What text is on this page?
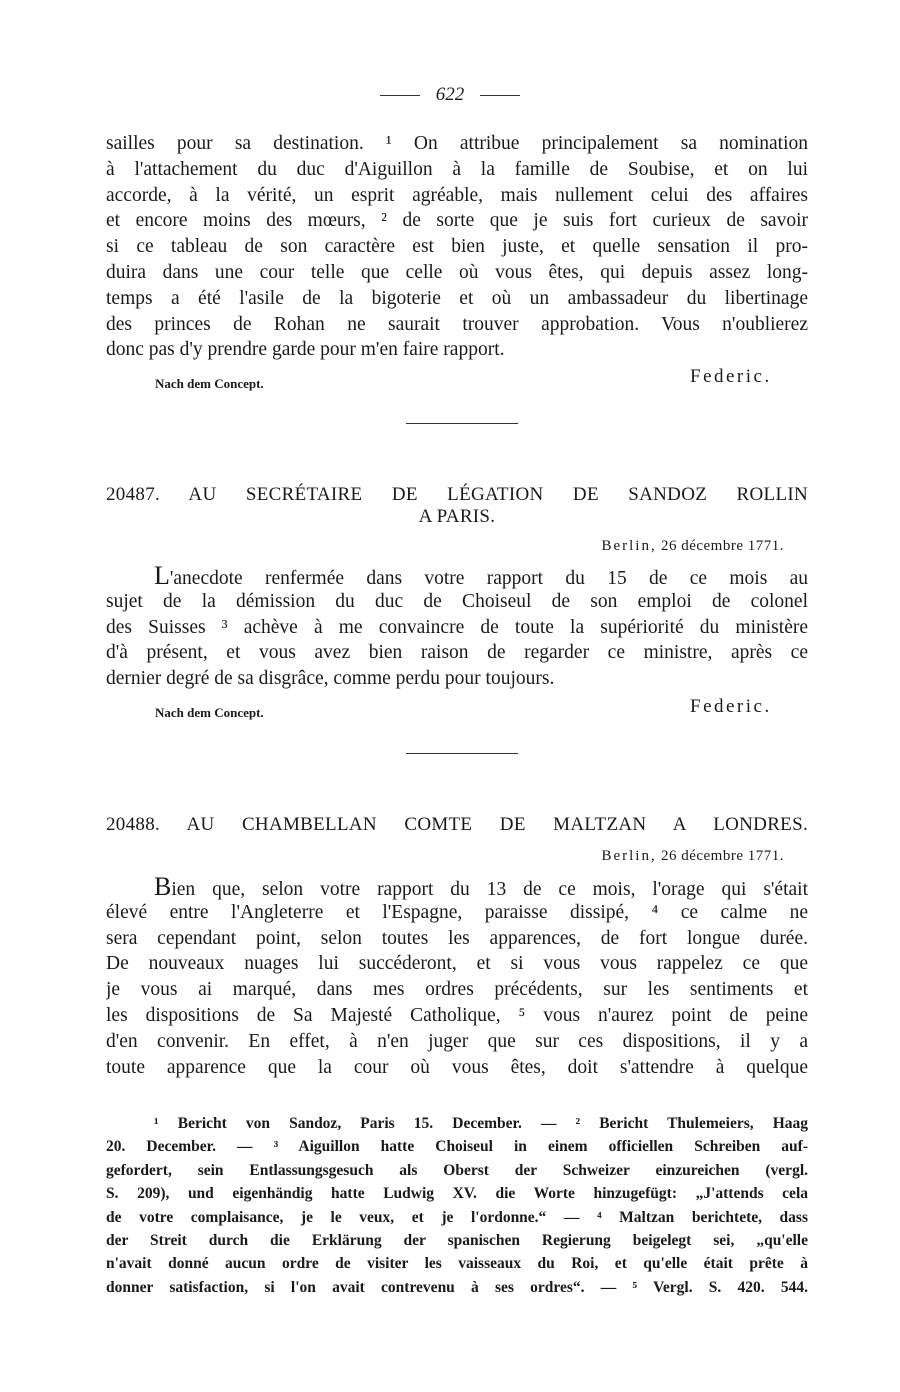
622
sailles pour sa destination. ¹ On attribue principalement sa nomination
à l'attachement du duc d'Aiguillon à la famille de Soubise, et on lui
accorde, à la vérité, un esprit agréable, mais nullement celui des affaires
et encore moins des mœurs, ² de sorte que je suis fort curieux de savoir
si ce tableau de son caractère est bien juste, et quelle sensation il pro-
duira dans une cour telle que celle où vous êtes, qui depuis assez long-
temps a été l'asile de la bigoterie et où un ambassadeur du libertinage
des princes de Rohan ne saurait trouver approbation. Vous n'oublierez
donc pas d'y prendre garde pour m'en faire rapport.
Nach dem Concept.	Federic.
20487. AU SECRÉTAIRE DE LÉGATION DE SANDOZ ROLLIN
A PARIS.
Berlin, 26 décembre 1771.
L'anecdote renfermée dans votre rapport du 15 de ce mois au
sujet de la démission du duc de Choiseul de son emploi de colonel
des Suisses ³ achève à me convaincre de toute la supériorité du ministère
d'à présent, et vous avez bien raison de regarder ce ministre, après ce
dernier degré de sa disgrâce, comme perdu pour toujours.
Nach dem Concept.	Federic.
20488. AU CHAMBELLAN COMTE DE MALTZAN A LONDRES.
Berlin, 26 décembre 1771.
Bien que, selon votre rapport du 13 de ce mois, l'orage qui s'était
élevé entre l'Angleterre et l'Espagne, paraisse dissipé, ⁴ ce calme ne
sera cependant point, selon toutes les apparences, de fort longue durée.
De nouveaux nuages lui succéderont, et si vous vous rappelez ce que
je vous ai marqué, dans mes ordres précédents, sur les sentiments et
les dispositions de Sa Majesté Catholique, ⁵ vous n'aurez point de peine
d'en convenir. En effet, à n'en juger que sur ces dispositions, il y a
toute apparence que la cour où vous êtes, doit s'attendre à quelque
¹ Bericht von Sandoz, Paris 15. December. — ² Bericht Thulemeiers, Haag
20. December. — ³ Aiguillon hatte Choiseul in einem officiellen Schreiben auf-
gefordert, sein Entlassungsgesuch als Oberst der Schweizer einzureichen (vergl.
S. 209), und eigenhändig hatte Ludwig XV. die Worte hinzugefügt: „J'attends cela
de votre complaisance, je le veux, et je l'ordonne.“ — ⁴ Maltzan berichtete, dass
der Streit durch die Erklärung der spanischen Regierung beigelegt sei, „qu'elle
n'avait donné aucun ordre de visiter les vaisseaux du Roi, et qu'elle était prête à
donner satisfaction, si l'on avait contrevenu à ses ordres“. — ⁵ Vergl. S. 420. 544.
